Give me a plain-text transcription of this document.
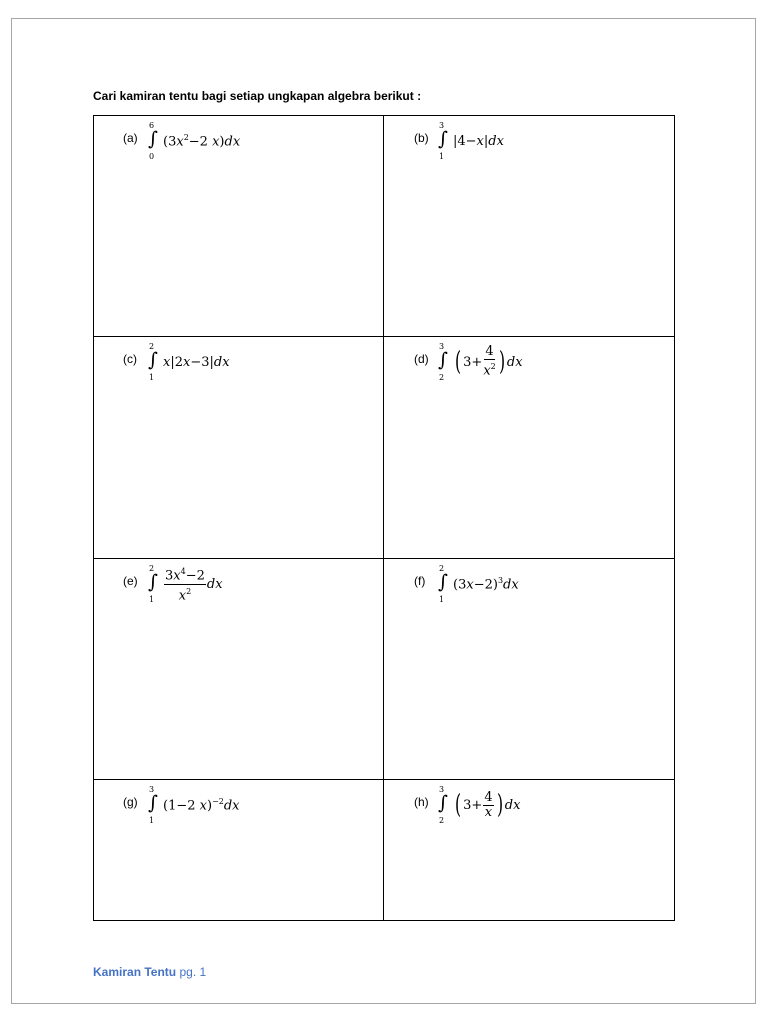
Cari kamiran tentu bagi setiap ungkapan algebra berikut :
(a)
6
∫
0
($3x^2-2$ x)dx	(b)
3
∫
1
|4−x|dx
(c)
2
∫
1
x|2x−3|dx	(d)
3
∫
2
( $3+ \frac{4}{x^2}$ ) dx
(e)
2
∫
$1 \frac{3x^4-2}{x^2}$ dx	(f)
2
∫
1
$(3x-2)^3dx$
(g)
3
∫
1
(1−2 x)$^{-2}$dx	(h)
3
∫
2
( $3+ \frac{4}{x}$ ) dx
Kamiran Tentu pg. 1
